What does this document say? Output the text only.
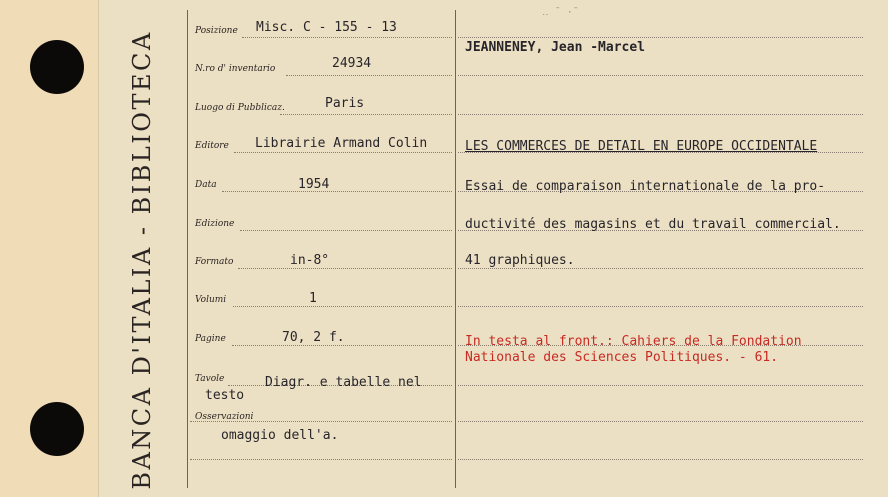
BANCA D'ITALIA - BIBLIOTECA	Posizione
N.ro d' inventario
Luogo di Pubblicaz.
Editore
Data
Edizione
Formato
Volumi
Pagine
Tavole
Osservazioni
Misc. C - 155 - 13
24934
Paris
Librairie Armand Colin
1954
in-8°
1
70, 2 f.
Diagr. e tabelle nel
testo
omaggio dell'a.
‥ ˉ ·ˉ
JEANNENEY, Jean -Marcel
LES COMMERCES DE DETAIL EN EUROPE OCCIDENTALE
Essai de comparaison internationale de la pro-
ductivité des magasins et du travail commercial.
41 graphiques.
In testa al front.: Cahiers de la Fondation
Nationale des Sciences Politiques. - 61.
